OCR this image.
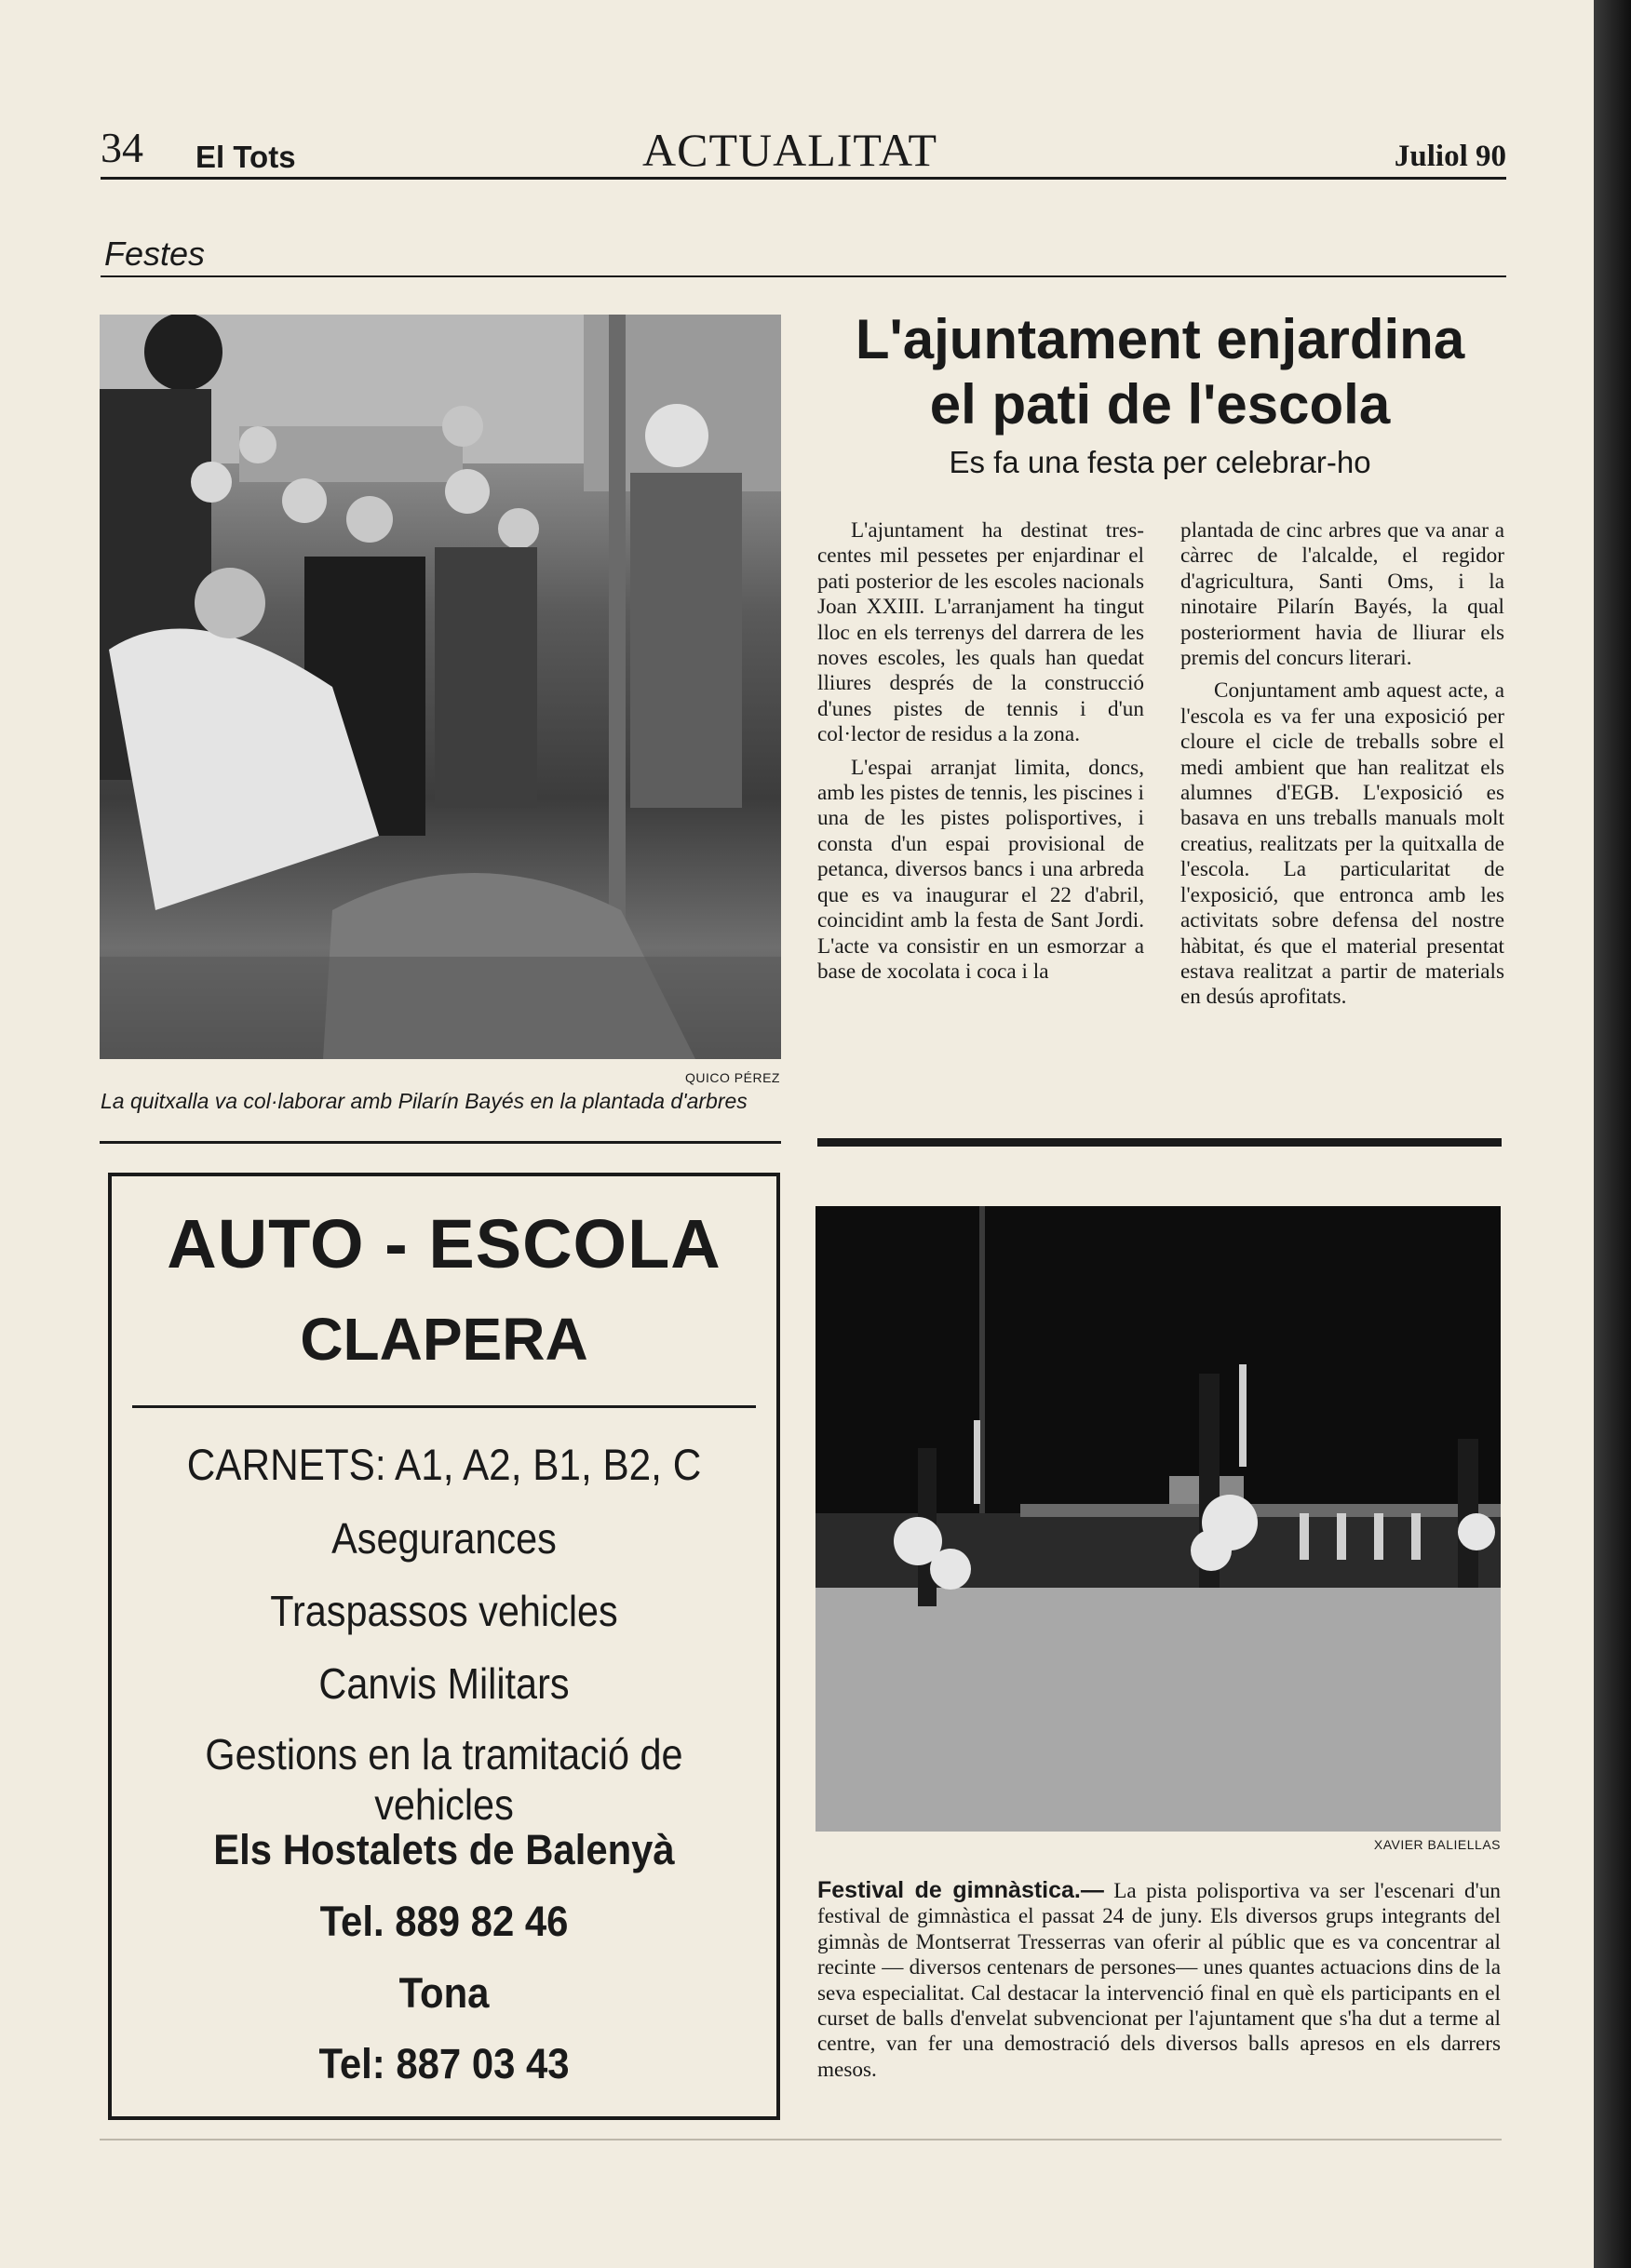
34 El Tots	ACTUALITAT	Juliol 90
Festes
QUICO PÉREZ
La quitxalla va col·laborar amb Pilarín Bayés en la plantada d'arbres
L'ajuntament enjardina
el pati de l'escola
Es fa una festa per celebrar-ho

L'ajuntament ha destinat tres-centes mil pessetes per enjardinar el pati posterior de les escoles nacionals Joan XXIII. L'arranjament ha tingut lloc en els terrenys del darrera de les noves escoles, les quals han quedat lliures després de la construcció d'unes pistes de tennis i d'un col·lector de residus a la zona.

L'espai arranjat limita, doncs, amb les pistes de tennis, les piscines i una de les pistes polisportives, i consta d'un espai provisional de petanca, diversos bancs i una arbreda que es va inaugurar el 22 d'abril, coincidint amb la festa de Sant Jordi. L'acte va consistir en un esmorzar a base de xocolata i coca i la

plantada de cinc arbres que va anar a càrrec de l'alcalde, el regidor d'agricultura, Santi Oms, i la ninotaire Pilarín Bayés, la qual posteriorment havia de lliurar els premis del concurs literari.

Conjuntament amb aquest acte, a l'escola es va fer una exposició per cloure el cicle de treballs sobre el medi ambient que han realitzat els alumnes d'EGB. L'exposició es basava en uns treballs manuals molt creatius, realitzats per la quitxalla de l'escola. La particularitat de l'exposició, que entronca amb les activitats sobre defensa del nostre hàbitat, és que el material presentat estava realitzat a partir de materials en desús aprofitats.

AUTO - ESCOLA
CLAPERA
CARNETS: A1, A2, B1, B2, C
Asegurances
Traspassos vehicles
Canvis Militars
Gestions en la tramitació de vehicles
Els Hostalets de Balenyà
Tel. 889 82 46
Tona
Tel: 887 03 43
XAVIER BALIELLAS
Festival de gimnàstica.— La pista polisportiva va ser l'escenari d'un festival de gimnàstica el passat 24 de juny. Els diversos grups integrants del gimnàs de Montserrat Tresserras van oferir al públic que es va concentrar al recinte — diversos centenars de persones— unes quantes actuacions dins de la seva especialitat. Cal destacar la intervenció final en què els participants en el curset de balls d'envelat subvencionat per l'ajuntament que s'ha dut a terme al centre, van fer una demostració dels diversos balls apresos en els darrers mesos.
